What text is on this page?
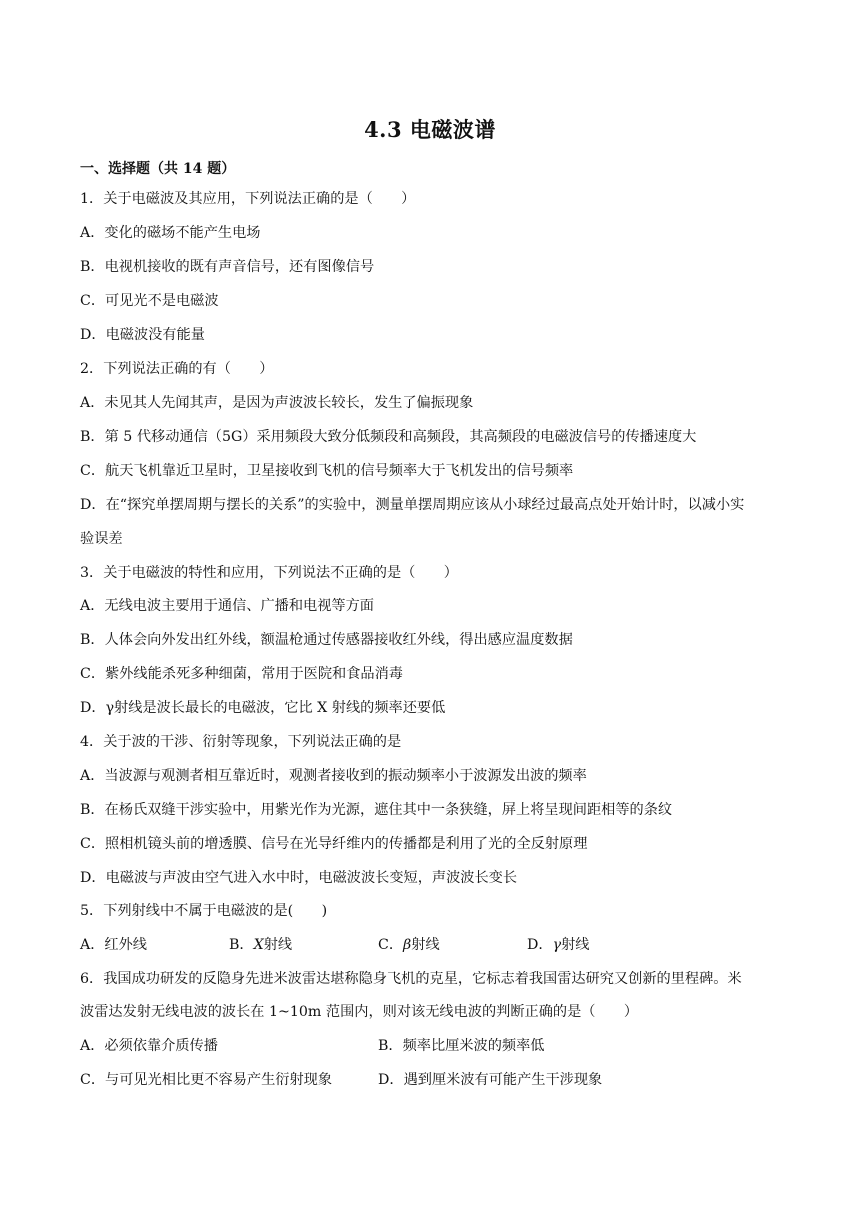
4.3 电磁波谱
一、选择题（共 14 题）
1．关于电磁波及其应用，下列说法正确的是（　　）
A．变化的磁场不能产生电场
B．电视机接收的既有声音信号，还有图像信号
C．可见光不是电磁波
D．电磁波没有能量
2．下列说法正确的有（　　）
A．未见其人先闻其声，是因为声波波长较长，发生了偏振现象
B．第 5 代移动通信（5G）采用频段大致分低频段和高频段，其高频段的电磁波信号的传播速度大
C．航天飞机靠近卫星时，卫星接收到飞机的信号频率大于飞机发出的信号频率
D．在“探究单摆周期与摆长的关系”的实验中，测量单摆周期应该从小球经过最高点处开始计时，以减小实
验误差
3．关于电磁波的特性和应用，下列说法不正确的是（　　）
A．无线电波主要用于通信、广播和电视等方面
B．人体会向外发出红外线，额温枪通过传感器接收红外线，得出感应温度数据
C．紫外线能杀死多种细菌，常用于医院和食品消毒
D．γ射线是波长最长的电磁波，它比 X 射线的频率还要低
4．关于波的干涉、衍射等现象，下列说法正确的是
A．当波源与观测者相互靠近时，观测者接收到的振动频率小于波源发出波的频率
B．在杨氏双缝干涉实验中，用紫光作为光源，遮住其中一条狭缝，屏上将呈现间距相等的条纹
C．照相机镜头前的增透膜、信号在光导纤维内的传播都是利用了光的全反射原理
D．电磁波与声波由空气进入水中时，电磁波波长变短，声波波长变长
5．下列射线中不属于电磁波的是(　　)
A．红外线	B．X射线	C．β射线	D．γ射线
6．我国成功研发的反隐身先进米波雷达堪称隐身飞机的克星，它标志着我国雷达研究又创新的里程碑。米
波雷达发射无线电波的波长在 1~10m 范围内，则对该无线电波的判断正确的是（　　）
A．必须依靠介质传播	B．频率比厘米波的频率低
C．与可见光相比更不容易产生衍射现象	D．遇到厘米波有可能产生干涉现象
